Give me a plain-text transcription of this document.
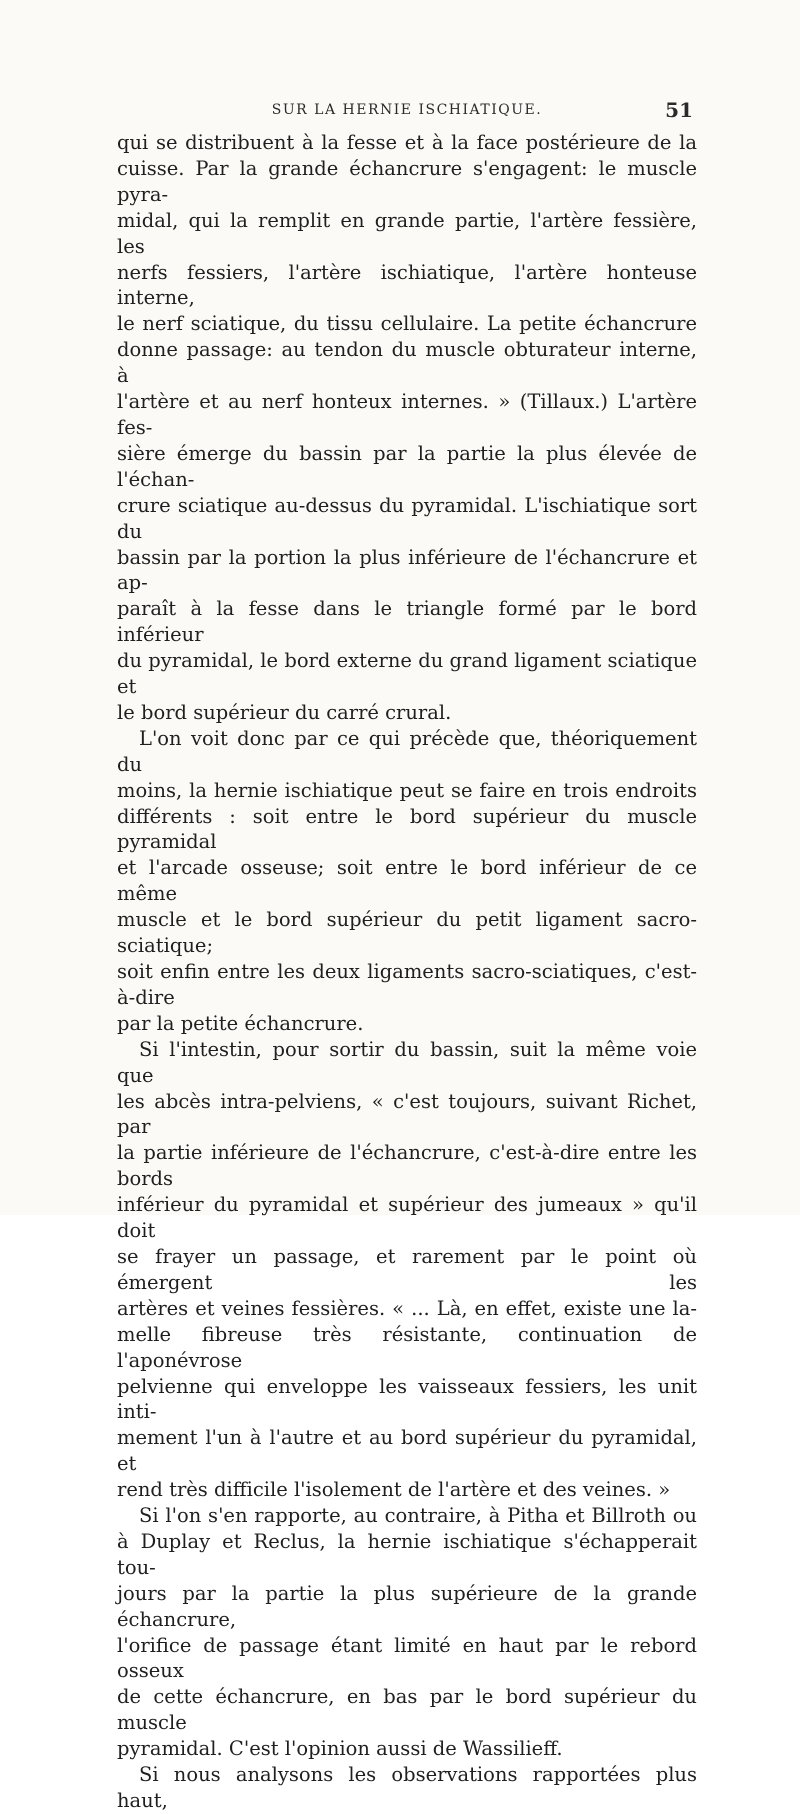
SUR LA HERNIE ISCHIATIQUE.	51

qui se distribuent à la fesse et à la face postérieure de la

cuisse. Par la grande échancrure s'engagent: le muscle pyra-

midal, qui la remplit en grande partie, l'artère fessière, les

nerfs fessiers, l'artère ischiatique, l'artère honteuse interne,

le nerf sciatique, du tissu cellulaire. La petite échancrure

donne passage: au tendon du muscle obturateur interne, à

l'artère et au nerf honteux internes. » (Tillaux.) L'artère fes-

sière émerge du bassin par la partie la plus élevée de l'échan-

crure sciatique au-dessus du pyramidal. L'ischiatique sort du

bassin par la portion la plus inférieure de l'échancrure et ap-

paraît à la fesse dans le triangle formé par le bord inférieur

du pyramidal, le bord externe du grand ligament sciatique et

le bord supérieur du carré crural.

L'on voit donc par ce qui précède que, théoriquement du

moins, la hernie ischiatique peut se faire en trois endroits

différents : soit entre le bord supérieur du muscle pyramidal

et l'arcade osseuse; soit entre le bord inférieur de ce même

muscle et le bord supérieur du petit ligament sacro-sciatique;

soit enfin entre les deux ligaments sacro-sciatiques, c'est-à-dire

par la petite échancrure.

Si l'intestin, pour sortir du bassin, suit la même voie que

les abcès intra-pelviens, « c'est toujours, suivant Richet, par

la partie inférieure de l'échancrure, c'est-à-dire entre les bords

inférieur du pyramidal et supérieur des jumeaux » qu'il doit

se frayer un passage, et rarement par le point où émergent les

artères et veines fessières. « ... Là, en effet, existe une la-

melle fibreuse très résistante, continuation de l'aponévrose

pelvienne qui enveloppe les vaisseaux fessiers, les unit inti-

mement l'un à l'autre et au bord supérieur du pyramidal, et

rend très difficile l'isolement de l'artère et des veines. »

Si l'on s'en rapporte, au contraire, à Pitha et Billroth ou

à Duplay et Reclus, la hernie ischiatique s'échapperait tou-

jours par la partie la plus supérieure de la grande échancrure,

l'orifice de passage étant limité en haut par le rebord osseux

de cette échancrure, en bas par le bord supérieur du muscle

pyramidal. C'est l'opinion aussi de Wassilieff.

Si nous analysons les observations rapportées plus haut,
